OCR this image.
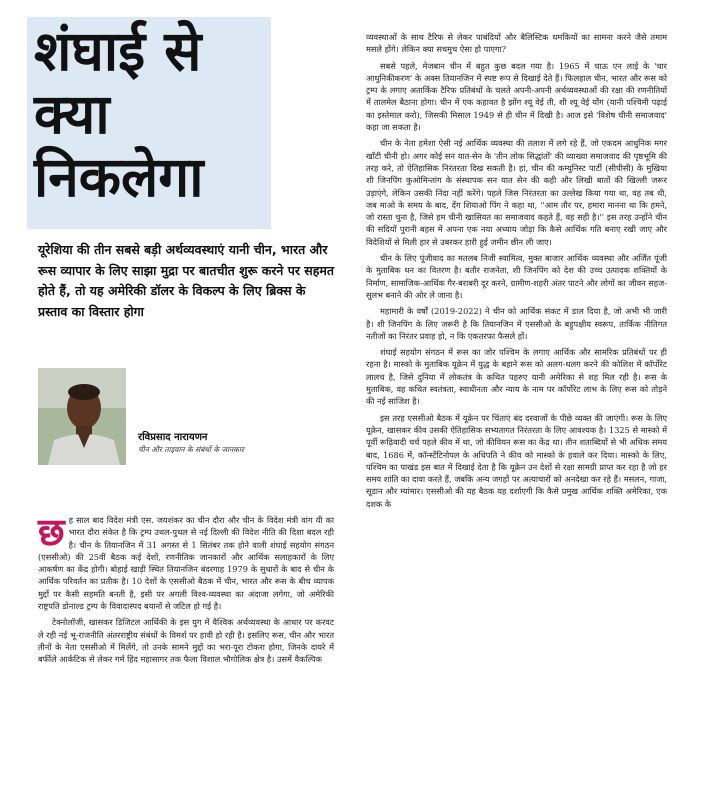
शंघाई से क्या निकलेगा

यूरेशिया की तीन सबसे बड़ी अर्थव्यवस्थाएं यानी चीन, भारत और रूस व्यापार के लिए साझा मुद्रा पर बातचीत शुरू करने पर सहमत होते हैं, तो यह अमेरिकी डॉलर के विकल्प के लिए ब्रिक्स के प्रस्ताव का विस्तार होगा

रविप्रसाद नारायणन
चीन और ताइवान के संबंधों के जानकार

छह साल बाद विदेश मंत्री एस. जयशंकर का चीन दौरा और चीन के विदेश मंत्री वांग यी का भारत दौरा संकेत है कि ट्रम्प उथल-पुथल से नई दिल्ली की विदेश नीति की दिशा बदल रही है। चीन के तियानजिन में 31 अगस्त से 1 सितंबर तक होने वाली शंघाई सहयोग संगठन (एससीओ) की 25वीं बैठक कई देशों, रणनीतिक जानकारों और आर्थिक सलाहकारों के लिए आकर्षण का केंद्र होगी। बोहाई खाड़ी स्थित तियानजिन बंदरगाह 1979 के सुधारों के बाद से चीन के आर्थिक परिवर्तन का प्रतीक है। 10 देशों के एससीओ बैठक में चीन, भारत और रूस के बीच व्यापक मुद्दों पर कैसी सहमति बनती है, इसी पर अगली विश्व-व्यवस्था का अंदाजा लगेगा, जो अमेरिकी राष्ट्रपति डोनाल्ड ट्रम्प के विवादास्पद बयानों से जटिल हो गई है।

टेक्नोलॉजी, खासकर डिजिटल आर्थिकी के इस युग में वैश्विक अर्थव्यवस्था के आधार पर करवट ले रही नई भू-राजनीति अंतरराष्ट्रीय संबंधों के विमर्श पर हावी हो रही है। इसलिए रूस, चीन और भारत तीनों के नेता एससीओ में मिलेंगे, तो उनके सामने मुद्दों का भरा-पूरा टोकरा होगा, जिनके दायरे में बर्फीले आर्कटिक से लेकर गर्म हिंद महासागर तक फैला विशाल भौगोलिक क्षेत्र है। उसमें वैकल्पिक

व्यवस्थाओं के साथ टैरिफ से लेकर पाबंदियों और बैलिस्टिक धमकियों का सामना करने जैसे तमाम मसले होंगे। लेकिन क्या सचमुच ऐसा हो पाएगा?

सबसे पहले, मेजबान चीन में बहुत कुछ बदल गया है। 1965 में चाऊ एन लाई के 'चार आधुनिकीकरण' के अक्स तियानजिन में स्पष्ट रूप से दिखाई देते हैं। फिलहाल चीन, भारत और रूस को ट्रम्प के लगाए अतार्किक टैरिफ प्रतिबंधों के चलते अपनी-अपनी अर्थव्यवस्थाओं की रक्षा की रणनीतियों में तालमेल बैठाना होगा। चीन में एक कहावत है झोंग श्यू वेई ती, शी श्यू वेई योंग (यानी पश्चिमी पढ़ाई का इस्तेमाल करो), जिसकी मिसाल 1949 से ही चीन में दिखी है। आज इसे 'विशेष चीनी समाजवाद' कहा जा सकता है।

चीन के नेता हमेशा ऐसी नई आर्थिक व्यवस्था की तलाश में लगे रहे हैं, जो एकदम आधुनिक मगर खाँटी चीनी हो। अगर कोई सन यात-सेन के 'तीन लोक सिद्धांतों' की व्याख्या समाजवाद की पृष्ठभूमि की तरह करे, तो ऐतिहासिक निरंतरता दिख सकती है। हां, चीन की कम्युनिस्ट पार्टी (सीपीसी) के मुखिया शी जिनपिंग कुओमिन्तांग के संस्थापक सन यात सेन की कही और लिखी बातों की खिल्ली जरूर उड़ाएंगे, लेकिन उसकी निंदा नहीं करेंगे। पहले जिस निरंतरता का उल्लेख किया गया था, वह तब थी, जब माओ के समय के बाद, देंग शियाओ पिंग ने कहा था, ''आम तौर पर, हमारा मानना था कि हमने, जो रास्ता चुना है, जिसे हम चीनी खासियत का समाजवाद कहते हैं, वह सही है।'' इस तरह उन्होंने चीन की सदियों पुरानी बहस में अपना एक नया अध्याय जोड़ा कि कैसे आर्थिक गति बनाए रखी जाए और विदेशियों से मिली हार से उबरकर हारी हुई जमीन छीन ली जाए।

चीन के लिए पूंजीवाद का मतलब निजी स्वामित्व, मुक्त बाजार आर्थिक व्यवस्था और अर्जित पूंजी के मुताबिक धन का वितरण है। बतौर राजनेता, शी जिनपिंग को देश की उच्च उत्पादक शक्तियों के निर्माण, सामाजिक-आर्थिक गैर-बराबरी दूर करने, ग्रामीण-शहरी अंतर पाटने और लोगों का जीवन सहज-सुलभ बनाने की ओर ले जाना है।

महामारी के वर्षों (2019-2022) ने चीन को आर्थिक संकट में डाल दिया है, जो अभी भी जारी है। शी जिनपिंग के लिए जरूरी है कि तियानजिन में एससीओ के बहुपक्षीय स्वरूप, तार्किक नीतिगत नतीजों का निरंतर प्रवाह हो, न कि एकतरफा फैसले हों।

शंघाई सहयोग संगठन में रूस का जोर पश्चिम के लगाए आर्थिक और सामरिक प्रतिबंधों पर ही रहना है। मास्को के मुताबिक यूक्रेन में युद्ध के बहाने रूस को अलग-थलग करने की कोशिश में कॉर्पोरेट लालच है, जिसे दुनिया में लोकतंत्र के कथित पहरुए यानी अमेरिका से शह मिल रही है। रूस के मुताबिक, वह कथित स्वतंत्रता, स्वाधीनता और न्याय के नाम पर कॉर्पोरेट लाभ के लिए रूस को तोड़ने की नई साजिश है।

इस तरह एससीओ बैठक में यूक्रेन पर चिंताएं बंद दरवाजों के पीछे व्यक्त की जाएंगी। रूस के लिए यूक्रेन, खासकर कीव उसकी ऐतिहासिक सभ्यतागत निरंतरता के लिए आवश्यक है। 1325 से मास्को में पूर्वी रूढ़िवादी चर्च पहले कीव में था, जो कीवियन रूस का केंद्र था। तीन शताब्दियों से भी अधिक समय बाद, 1686 में, कॉन्स्टेंटिनोपल के अधिपति ने कीव को मास्को के हवाले कर दिया। मास्को के लिए, पश्चिम का पाखंड इस बात में दिखाई देता है कि यूक्रेन उन देशों से रक्षा सामग्री प्राप्त कर रहा है जो हर समय शांति का दावा करते हैं, जबकि अन्य जगहों पर अत्याचारों को अनदेखा कर रहे हैं। मसलन, गाजा, सूडान और म्यांमार। एससीओ की यह बैठक यह दर्शाएगी कि कैसे प्रमुख आर्थिक शक्ति अमेरिका, एक दशक के
